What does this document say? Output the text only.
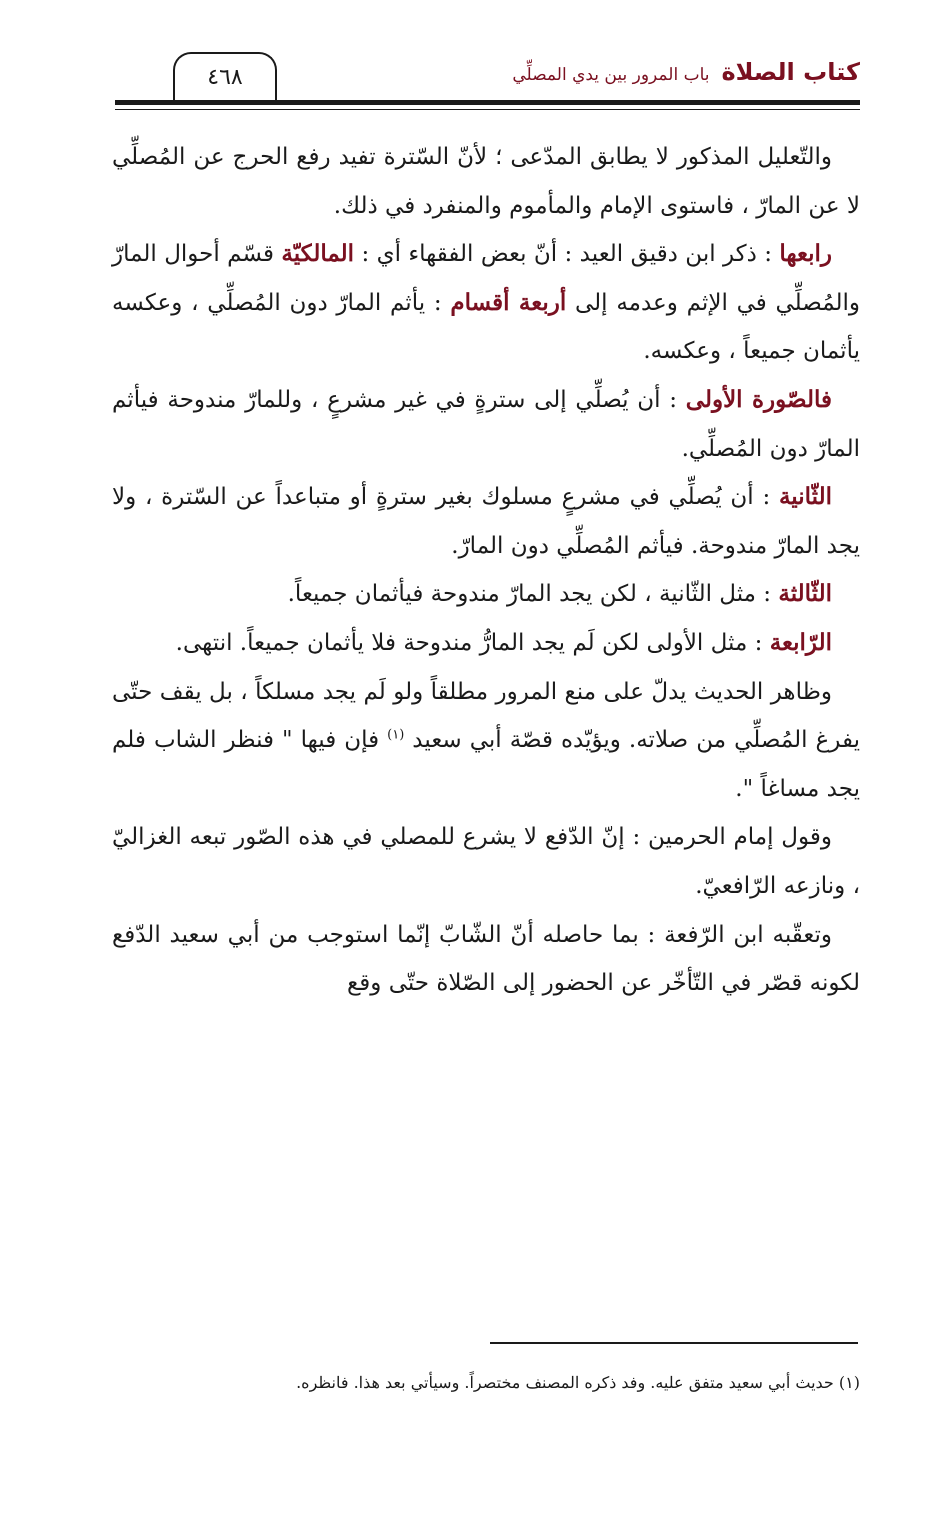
كتاب الصلاةباب المرور بين يدي المصلِّي
٤٦٨

والتّعليل المذكور لا يطابق المدّعى ؛ لأنّ السّترة تفيد رفع الحرج عن المُصلِّي لا عن المارّ ، فاستوى الإمام والمأموم والمنفرد في ذلك.

رابعها : ذكر ابن دقيق العيد : أنّ بعض الفقهاء أي : المالكيّة قسّم أحوال المارّ والمُصلِّي في الإثم وعدمه إلى أربعة أقسام : يأثم المارّ دون المُصلِّي ، وعكسه يأثمان جميعاً ، وعكسه.

فالصّورة الأولى : أن يُصلِّي إلى سترةٍ في غير مشرعٍ ، وللمارّ مندوحة فيأثم المارّ دون المُصلِّي.

الثّانية : أن يُصلِّي في مشرعٍ مسلوك بغير سترةٍ أو متباعداً عن السّترة ، ولا يجد المارّ مندوحة. فيأثم المُصلِّي دون المارّ.

الثّالثة : مثل الثّانية ، لكن يجد المارّ مندوحة فيأثمان جميعاً.

الرّابعة : مثل الأولى لكن لَم يجد المارُّ مندوحة فلا يأثمان جميعاً. انتهى.

وظاهر الحديث يدلّ على منع المرور مطلقاً ولو لَم يجد مسلكاً ، بل يقف حتّى يفرغ المُصلِّي من صلاته. ويؤيّده قصّة أبي سعيد $^{(١)}$ فإن فيها " فنظر الشاب فلم يجد مساغاً ".

وقول إمام الحرمين : إنّ الدّفع لا يشرع للمصلي في هذه الصّور تبعه الغزاليّ ، ونازعه الرّافعيّ.

وتعقّبه ابن الرّفعة : بما حاصله أنّ الشّابّ إنّما استوجب من أبي سعيد الدّفع لكونه قصّر في التّأخّر عن الحضور إلى الصّلاة حتّى وقع

(١) حديث أبي سعيد متفق عليه. وفد ذكره المصنف مختصراً. وسيأتي بعد هذا. فانظره.
